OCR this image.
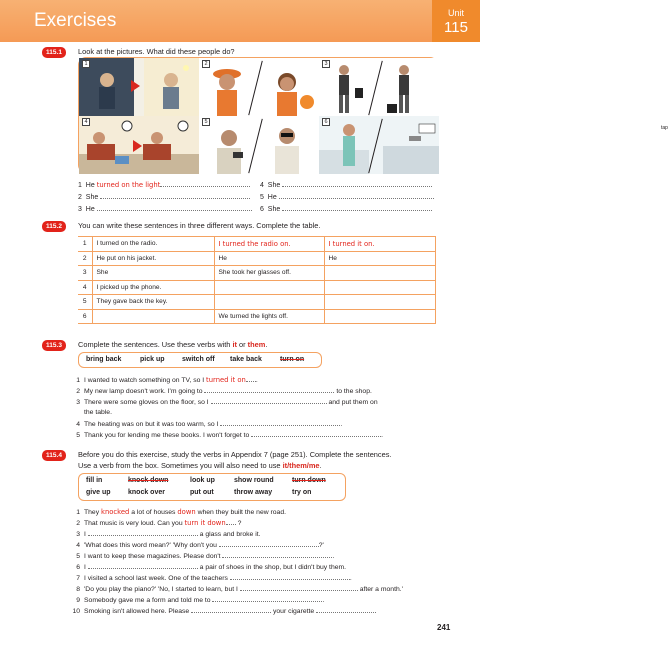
Exercises	Unit
115
115.1	Look at the pictures. What did these people do?
1	2	3
4	5	6
tap
1 He turned on the light
2 She
3 He
4 She
5 He
6 She
115.2	You can write these sentences in three different ways. Complete the table.
1	I turned on the radio.	I turned the radio on.	I turned it on.
2	He put on his jacket.	He	He
3	She	She took her glasses off.	
4	I picked up the phone.		
5	They gave back the key.		
6		We turned the lights off.	
115.3	Complete the sentences. Use these verbs with it or them.
bring back	pick up switch off take back	turn on
1 I wanted to watch something on TV, so I turned it on .
2 My new lamp doesn't work. I'm going to	to the shop.
3 There were some gloves on the floor, so I	and put them on
the table.
4 The heating was on but it was too warm, so I	.
5 Thank you for lending me these books. I won't forget to	.
115.4	Before you do this exercise, study the verbs in Appendix 7 (page 251). Complete the sentences.
Use a verb from the box. Sometimes you will also need to use it/them/me.
fill in	knock down	look up	show round	turn down
give up knock over	put out	throw away	try on
1 They knocked a lot of houses down when they built the new road.
2 That music is very loud. Can you turn it down ?
3 I	a glass and broke it.
4 'What does this word mean?' 'Why don't you	?'
5 I want to keep these magazines. Please don't	.
6 I	a pair of shoes in the shop, but I didn't buy them.
7 I visited a school last week. One of the teachers	.
8 'Do you play the piano?' 'No, I started to learn, but I	after a month.'
9 Somebody gave me a form and told me to	.
10 Smoking isn't allowed here. Please	your cigarette
241
